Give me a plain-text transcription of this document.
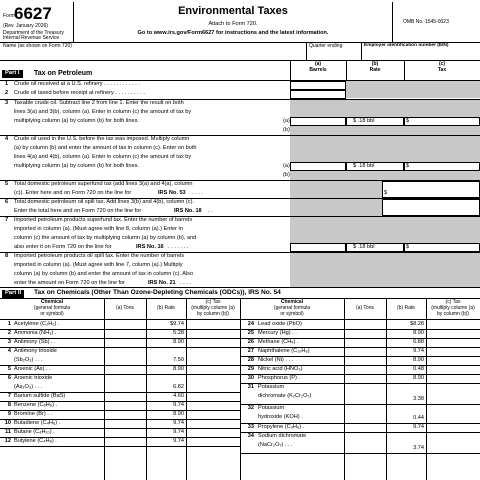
Form 6627
(Rev. January 2026)
Department of the Treasury
Internal Revenue Service
Environmental Taxes
Attach to Form 720.
Go to www.irs.gov/Form6627 for instructions and the latest information.
OMB No. 1545-0023
Name (as shown on Form 720)	Quarter ending	Employer identification number (EIN)
Part I	Tax on Petroleum
(a)
Barrels
(b)
Rate
(c)
Tax
1 Crude oil received at a U.S. refinery . . . . . . . . . . . .
2 Crude oil taxed before receipt at refinery . . . . . . . . . .
3 Taxable crude oil. Subtract line 2 from line 1. Enter the result on both
lines 3(a) and 3(b), column (a). Enter in column (c) the amount of tax by
multiplying column (a) by column (b) for both lines.	(a)
(b)
$ .18 bbl	$
4 Crude oil used in the U.S. before the tax was imposed. Multiply column
(a) by column (b) and enter the amount of tax in column (c). Enter on both
lines 4(a) and 4(b), column (a). Enter in column (c) the amount of tax by
multiplying column (a) by column (b) for both lines.	(a)
(b)
$ .18 bbl	$
5 Total domestic petroleum superfund tax (add lines 3(a) and 4(a), column
(c)). Enter here and on Form 720 on the line for	IRS No. 53 . . . .	$
6 Total domestic petroleum oil spill tax. Add lines 3(b) and 4(b), column (c).
Enter the total here and on Form 720 on the line for	IRS No. 18 . .
7 Imported petroleum products superfund tax. Enter the number of barrels
imported in column (a). (Must agree with line 8, column (a).) Enter in
column (c) the amount of tax by multiplying column (a) by column (b), and
also enter it on Form 720 on the line for	IRS No. 16 . . . . . . .	$ .18 bbl	$
8 Imported petroleum products oil spill tax. Enter the number of barrels
imported in column (a). (Must agree with line 7, column (a).) Multiply
column (a) by column (b) and enter the amount of tax in column (c). Also
enter the amount on Form 720 on the line for	IRS No. 21 . . . .
Part II	Tax on Chemicals (Other Than Ozone-Depleting Chemicals (ODCs)), IRS No. 54
Chemical
(general formula
or symbol)
(a) Tons	(b) Rate
(c) Tax
(multiply column (a)
by column (b))
Chemical
(general formula
or symbol)
(a) Tons	(b) Rate
(c) Tax
(multiply column (a)
by column (b))
1 Acetylene (C₂H₂) .	$9.74
2 Ammonia (NH₃) .	5.28
3 Antimony (Sb) . .	8.90
4 Antimony trioxide
(Sb₂O₃) . . .	7.50
5 Arsenic (As) . .	8.90
6 Arsenic trioxide
(As₂O₃) . . .	6.82
7 Barium sulfide (BaS)	4.60
8 Benzene (C₆H₆) .	9.74
9 Bromine (Br) . .	8.90
10 Butadiene (C₄H₆) .	9.74
11 Butane (C₄H₁₀) .	9.74
12 Butylene (C₄H₈) .	9.74
24 Lead oxide (PbO)	$8.28
25 Mercury (Hg) . .	8.90
26 Methane (CH₄) .	6.88
27 Naphthalene (C₁₀H₈)	9.74
28 Nickel (Ni) . . .	8.90
29 Nitric acid (HNO₃)	0.48
30 Phosphorus (P) .	8.90
31 Potassium
dichromate (K₂Cr₂O₇)	3.38
32 Potassium
hydroxide (KOH) .	0.44
33 Propylene (C₃H₆) .	9.74
34 Sodium dichromate
(NaCr₂O₇) . . .	3.74
